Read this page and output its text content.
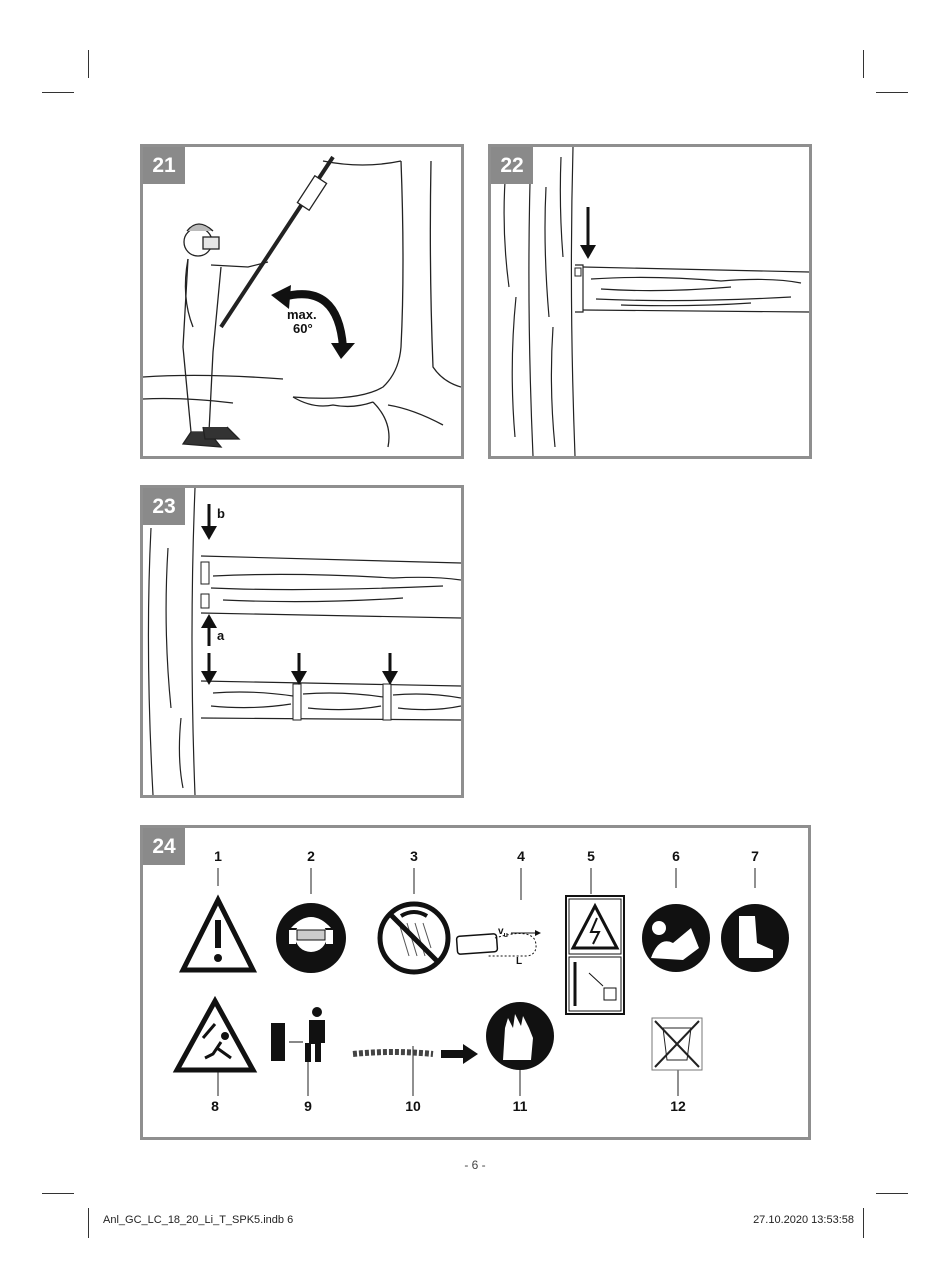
21
max.
60°
22
23	b
a
24	1	2	3	4	5	6	7
8	9	10	11	12
$v_u$
L
- 6 -
Anl_GC_LC_18_20_Li_T_SPK5.indb 6	27.10.2020 13:53:58
